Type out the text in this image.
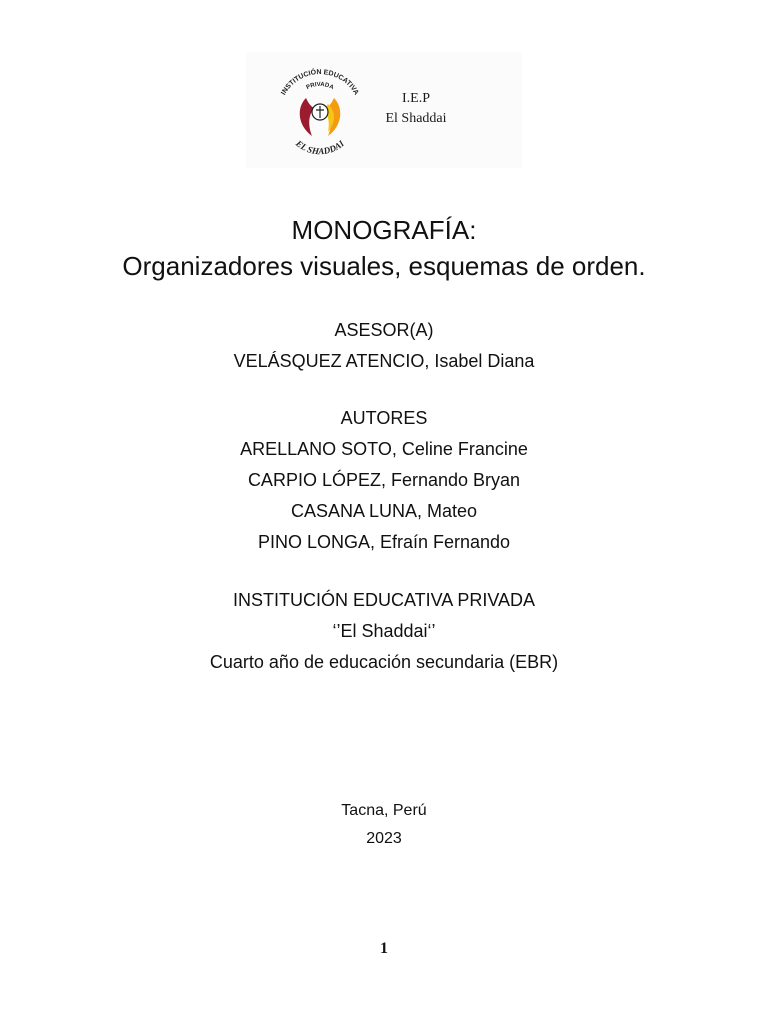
INSTITUCIÓN EDUCATIVA
PRIVADA
EL SHADDAI
I.E.P
El Shaddai
MONOGRAFÍA:
Organizadores visuales, esquemas de orden.
ASESOR(A)
VELÁSQUEZ ATENCIO, Isabel Diana
AUTORES
ARELLANO SOTO, Celine Francine
CARPIO LÓPEZ, Fernando Bryan
CASANA LUNA, Mateo
PINO LONGA, Efraín Fernando
INSTITUCIÓN EDUCATIVA PRIVADA
‘’El Shaddai‘’
Cuarto año de educación secundaria (EBR)
Tacna, Perú
2023
1
